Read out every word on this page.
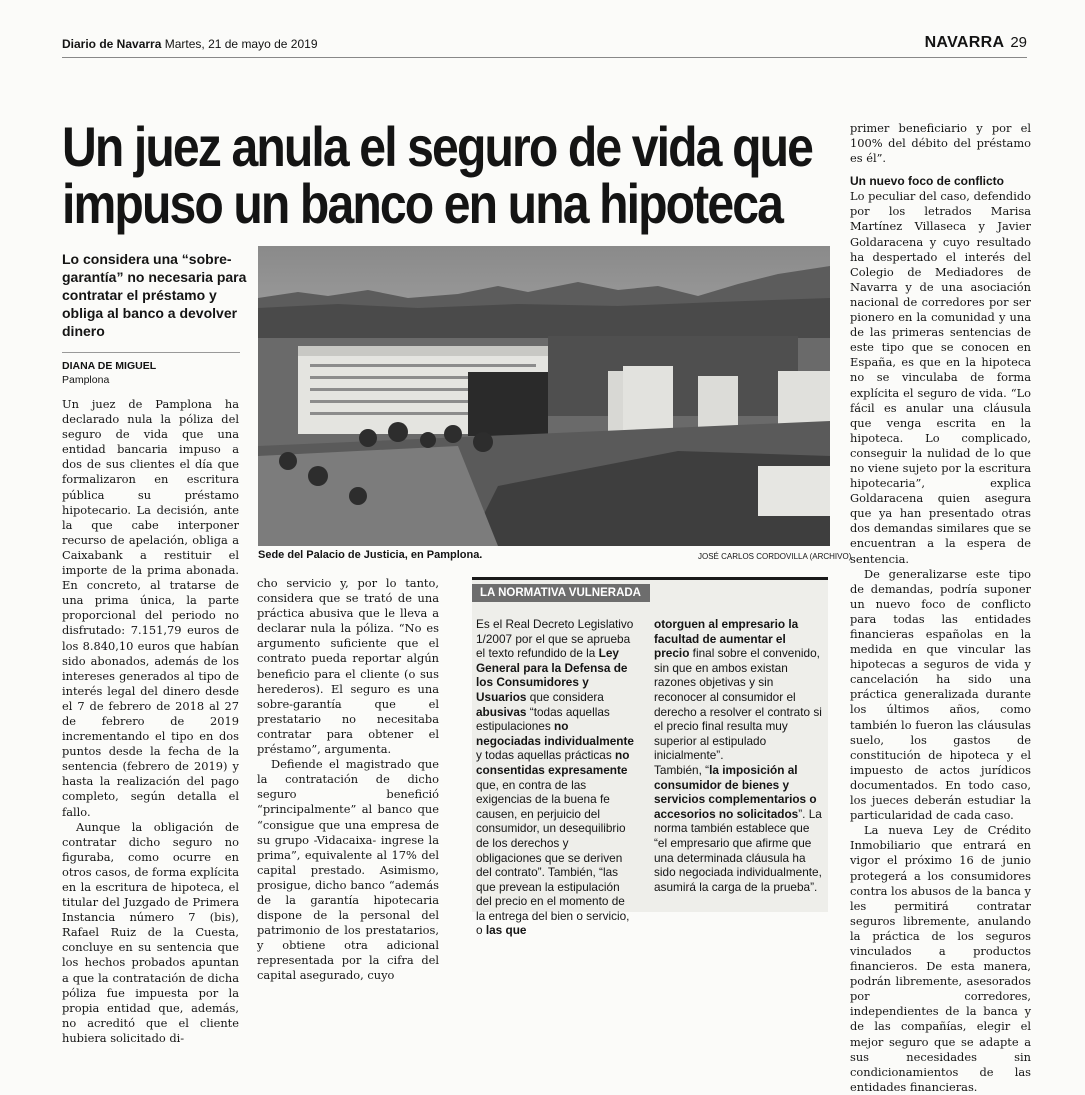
Diario de Navarra Martes, 21 de mayo de 2019	NAVARRA 29
Un juez anula el seguro de vida que impuso un banco en una hipoteca
Lo considera una “sobre-garantía” no necesaria para contratar el préstamo y obliga al banco a devolver dinero
DIANA DE MIGUEL
Pamplona

Un juez de Pamplona ha declarado nula la póliza del seguro de vida que una entidad bancaria impuso a dos de sus clientes el día que formalizaron en escritura pública su préstamo hipotecario. La decisión, ante la que cabe interponer recurso de apelación, obliga a Caixabank a restituir el importe de la prima abonada. En concreto, al tratarse de una prima única, la parte proporcional del periodo no disfrutado: 7.151,79 euros de los 8.840,10 euros que habían sido abonados, además de los intereses generados al tipo de interés legal del dinero desde el 7 de febrero de 2018 al 27 de febrero de 2019 incrementando el tipo en dos puntos desde la fecha de la sentencia (febrero de 2019) y hasta la realización del pago completo, según detalla el fallo.

Aunque la obligación de contratar dicho seguro no figuraba, como ocurre en otros casos, de forma explícita en la escritura de hipoteca, el titular del Juzgado de Primera Instancia número 7 (bis), Rafael Ruiz de la Cuesta, concluye en su sentencia que los hechos probados apuntan a que la contratación de dicha póliza fue impuesta por la propia entidad que, además, no acreditó que el cliente hubiera solicitado di-

Sede del Palacio de Justicia, en Pamplona.	JOSÉ CARLOS CORDOVILLA (ARCHIVO)

cho servicio y, por lo tanto, considera que se trató de una práctica abusiva que le lleva a declarar nula la póliza. “No es argumento suficiente que el contrato pueda reportar algún beneficio para el cliente (o sus herederos). El seguro es una sobre-garantía que el prestatario no necesitaba contratar para obtener el préstamo”, argumenta.

Defiende el magistrado que la contratación de dicho seguro benefició “principalmente” al banco que “consigue que una empresa de su grupo -Vidacaixa- ingrese la prima”, equivalente al 17% del capital prestado. Asimismo, prosigue, dicho banco “además de la garantía hipotecaria dispone de la personal del patrimonio de los prestatarios, y obtiene otra adicional representada por la cifra del capital asegurado, cuyo

LA NORMATIVA VULNERADA

Es el Real Decreto Legislativo 1/2007 por el que se aprueba el texto refundido de la Ley General para la Defensa de los Consumidores y Usuarios que considera abusivas “todas aquellas estipulaciones no negociadas individualmente y todas aquellas prácticas no consentidas expresamente que, en contra de las exigencias de la buena fe causen, en perjuicio del consumidor, un desequilibrio de los derechos y obligaciones que se deriven del contrato”. También, “las que prevean la estipulación del precio en el momento de la entrega del bien o servicio, o las que

otorguen al empresario la facultad de aumentar el precio final sobre el convenido, sin que en ambos existan razones objetivas y sin reconocer al consumidor el derecho a resolver el contrato si el precio final resulta muy superior al estipulado inicialmente”.

También, “la imposición al consumidor de bienes y servicios complementarios o accesorios no solicitados”. La norma también establece que “el empresario que afirme que una determinada cláusula ha sido negociada individualmente, asumirá la carga de la prueba”.

primer beneficiario y por el 100% del débito del préstamo es él”.

Un nuevo foco de conflicto

Lo peculiar del caso, defendido por los letrados Marisa Martínez Villaseca y Javier Goldaracena y cuyo resultado ha despertado el interés del Colegio de Mediadores de Navarra y de una asociación nacional de corredores por ser pionero en la comunidad y una de las primeras sentencias de este tipo que se conocen en España, es que en la hipoteca no se vinculaba de forma explícita el seguro de vida. “Lo fácil es anular una cláusula que venga escrita en la hipoteca. Lo complicado, conseguir la nulidad de lo que no viene sujeto por la escritura hipotecaria”, explica Goldaracena quien asegura que ya han presentado otras dos demandas similares que se encuentran a la espera de sentencia.

De generalizarse este tipo de demandas, podría suponer un nuevo foco de conflicto para todas las entidades financieras españolas en la medida en que vincular las hipotecas a seguros de vida y cancelación ha sido una práctica generalizada durante los últimos años, como también lo fueron las cláusulas suelo, los gastos de constitución de hipoteca y el impuesto de actos jurídicos documentados. En todo caso, los jueces deberán estudiar la particularidad de cada caso.

La nueva Ley de Crédito Inmobiliario que entrará en vigor el próximo 16 de junio protegerá a los consumidores contra los abusos de la banca y les permitirá contratar seguros libremente, anulando la práctica de los seguros vinculados a productos financieros. De esta manera, podrán libremente, asesorados por corredores, independientes de la banca y de las compañías, elegir el mejor seguro que se adapte a sus necesidades sin condicionamientos de las entidades financieras.
